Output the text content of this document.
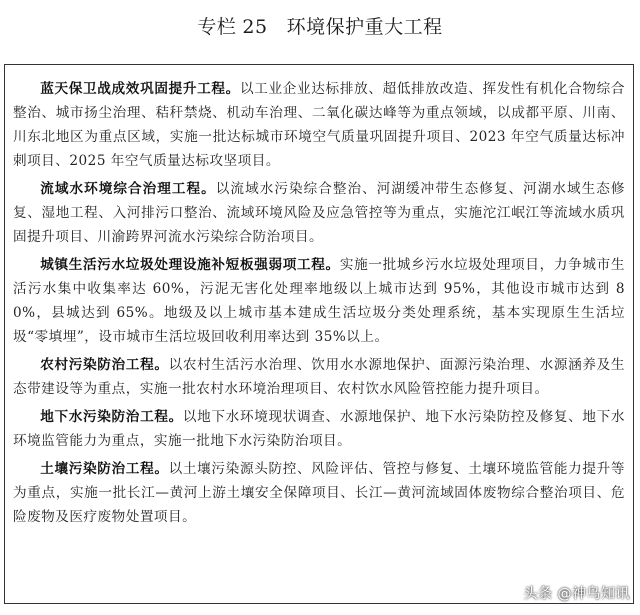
专栏 25 环境保护重大工程

蓝天保卫战成效巩固提升工程。以工业企业达标排放、超低排放改造、挥发性有机化合物综合整治、城市扬尘治理、秸秆禁烧、机动车治理、二氧化碳达峰等为重点领域，以成都平原、川南、川东北地区为重点区域，实施一批达标城市环境空气质量巩固提升项目、2023 年空气质量达标冲刺项目、2025 年空气质量达标攻坚项目。

流域水环境综合治理工程。以流域水污染综合整治、河湖缓冲带生态修复、河湖水域生态修复、湿地工程、入河排污口整治、流域环境风险及应急管控等为重点，实施沱江岷江等流域水质巩固提升项目、川渝跨界河流水污染综合防治项目。

城镇生活污水垃圾处理设施补短板强弱项工程。实施一批城乡污水垃圾处理项目，力争城市生活污水集中收集率达 60%，污泥无害化处理率地级以上城市达到 95%，其他设市城市达到 80%，县城达到 65%。地级及以上城市基本建成生活垃圾分类处理系统，基本实现原生生活垃圾“零填埋”，设市城市生活垃圾回收利用率达到 35%以上。

农村污染防治工程。以农村生活污水治理、饮用水水源地保护、面源污染治理、水源涵养及生态带建设等为重点，实施一批农村水环境治理项目、农村饮水风险管控能力提升项目。

地下水污染防治工程。以地下水环境现状调查、水源地保护、地下水污染防控及修复、地下水环境监管能力为重点，实施一批地下水污染防治项目。

土壤污染防治工程。以土壤污染源头防控、风险评估、管控与修复、土壤环境监管能力提升等为重点，实施一批长江—黄河上游土壤安全保障项目、长江—黄河流域固体废物综合整治项目、危险废物及医疗废物处置项目。

头条 @神鸟知讯
